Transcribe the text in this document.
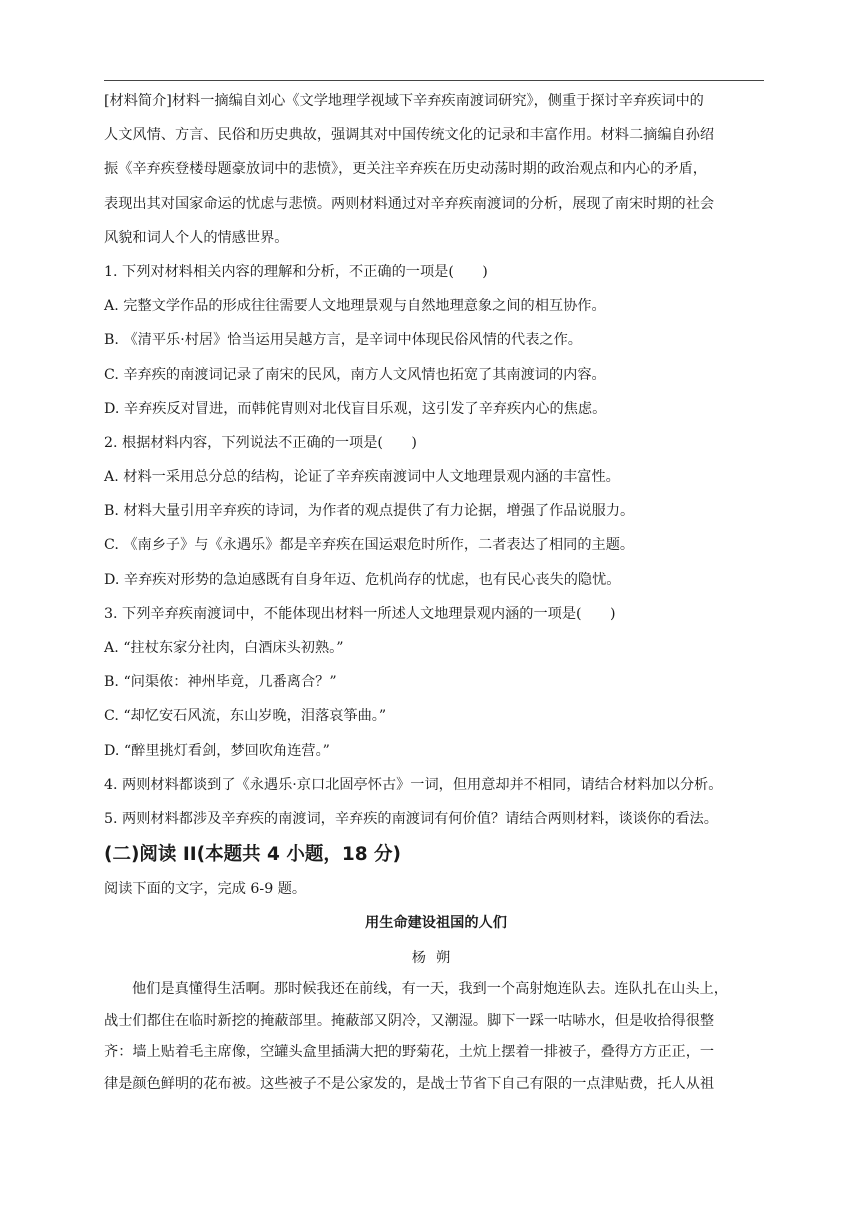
[材料简介]材料一摘编自刘心《文学地理学视域下辛弃疾南渡词研究》，侧重于探讨辛弃疾词中的
人文风情、方言、民俗和历史典故，强调其对中国传统文化的记录和丰富作用。材料二摘编自孙绍
振《辛弃疾登楼母题豪放词中的悲愤》，更关注辛弃疾在历史动荡时期的政治观点和内心的矛盾，
表现出其对国家命运的忧虑与悲愤。两则材料通过对辛弃疾南渡词的分析，展现了南宋时期的社会
风貌和词人个人的情感世界。

1. 下列对材料相关内容的理解和分析，不正确的一项是(　　)

A. 完整文学作品的形成往往需要人文地理景观与自然地理意象之间的相互协作。

B. 《清平乐·村居》恰当运用吴越方言，是辛词中体现民俗风情的代表之作。

C. 辛弃疾的南渡词记录了南宋的民风，南方人文风情也拓宽了其南渡词的内容。

D. 辛弃疾反对冒进，而韩侂胄则对北伐盲目乐观，这引发了辛弃疾内心的焦虑。

2. 根据材料内容，下列说法不正确的一项是(　　)

A. 材料一采用总分总的结构，论证了辛弃疾南渡词中人文地理景观内涵的丰富性。

B. 材料大量引用辛弃疾的诗词，为作者的观点提供了有力论据，增强了作品说服力。

C. 《南乡子》与《永遇乐》都是辛弃疾在国运艰危时所作，二者表达了相同的主题。

D. 辛弃疾对形势的急迫感既有自身年迈、危机尚存的忧虑，也有民心丧失的隐忧。

3. 下列辛弃疾南渡词中，不能体现出材料一所述人文地理景观内涵的一项是(　　)

A. “拄杖东家分社肉，白酒床头初熟。”

B. “问渠侬：神州毕竟，几番离合？”

C. “却忆安石风流，东山岁晚，泪落哀筝曲。”

D. “醉里挑灯看剑，梦回吹角连营。”

4. 两则材料都谈到了《永遇乐·京口北固亭怀古》一词，但用意却并不相同，请结合材料加以分析。

5. 两则材料都涉及辛弃疾的南渡词，辛弃疾的南渡词有何价值？请结合两则材料，谈谈你的看法。

(二)阅读 II(本题共 4 小题，18 分)

阅读下面的文字，完成 6-9 题。

用生命建设祖国的人们

杨朔

他们是真懂得生活啊。那时候我还在前线，有一天，我到一个高射炮连队去。连队扎在山头上，
战士们都住在临时新挖的掩蔽部里。掩蔽部又阴冷，又潮湿。脚下一踩一咕哧水，但是收拾得很整
齐：墙上贴着毛主席像，空罐头盒里插满大把的野菊花，土炕上摆着一排被子，叠得方方正正，一
律是颜色鲜明的花布被。这些被子不是公家发的，是战士节省下自己有限的一点津贴费，托人从祖
